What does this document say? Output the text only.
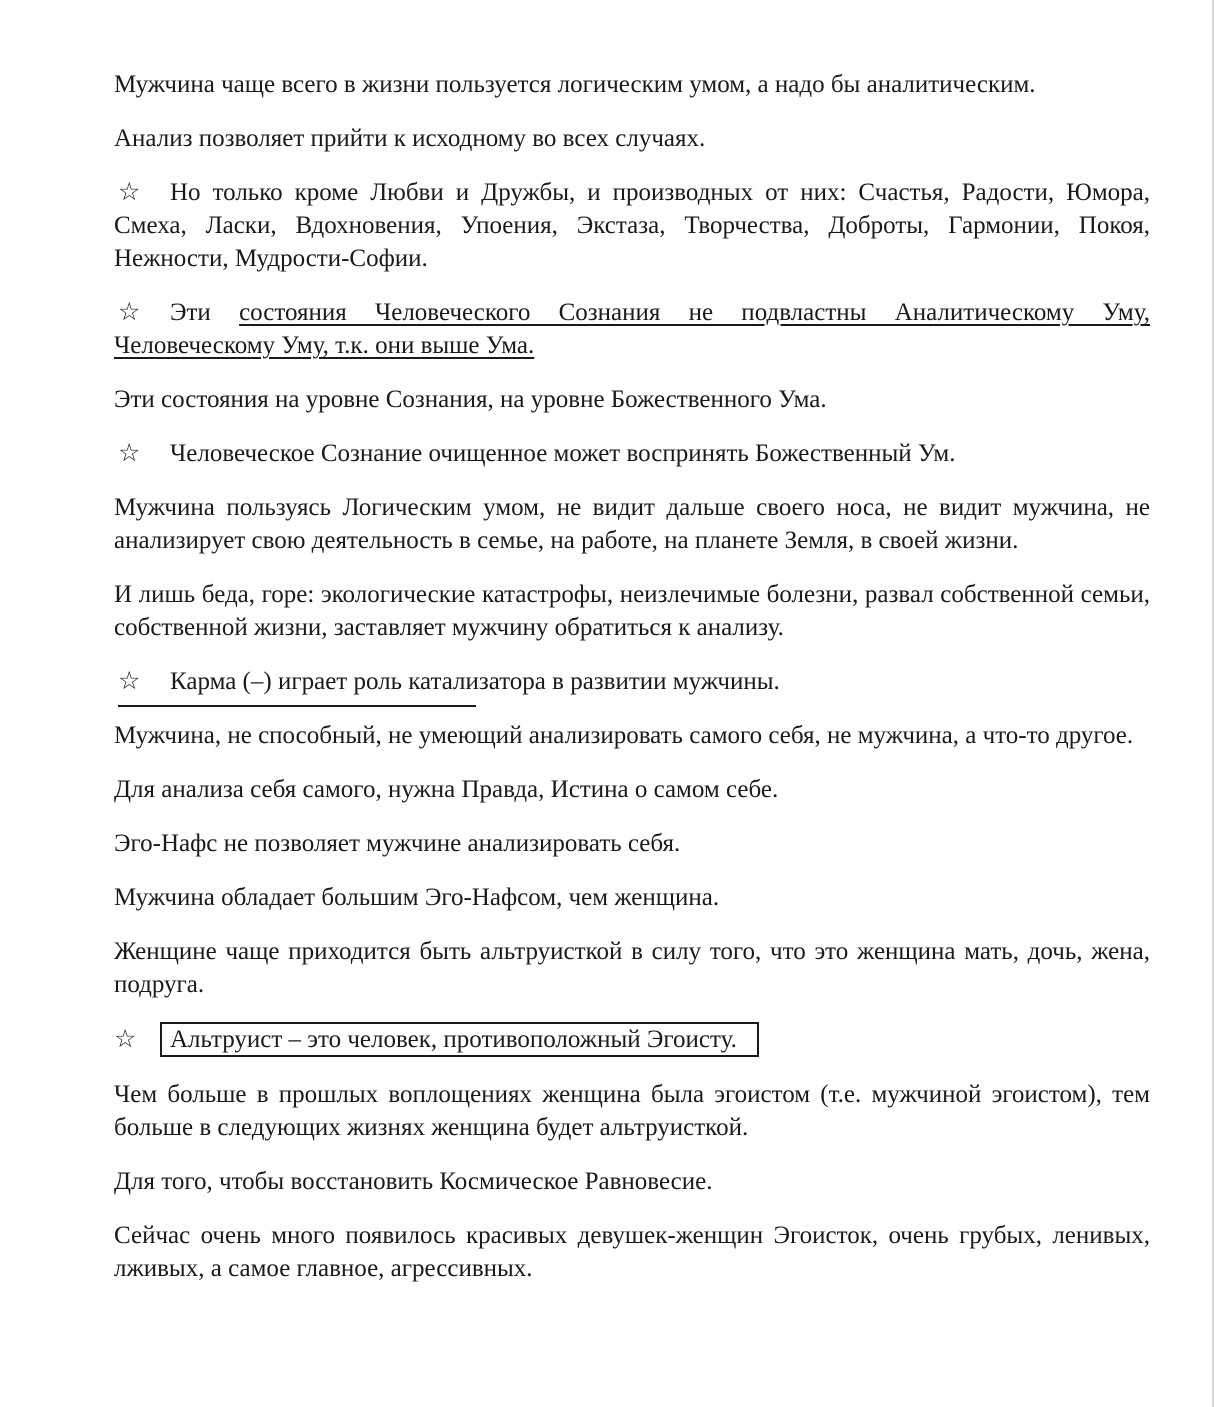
Мужчина чаще всего в жизни пользуется логическим умом, а надо бы аналитическим.

Анализ позволяет прийти к исходному во всех случаях.

☆ Но только кроме Любви и Дружбы, и производных от них: Счастья, Радости, Юмора, Смеха, Ласки, Вдохновения, Упоения, Экстаза, Творчества, Доброты, Гармонии, Покоя, Нежности, Мудрости-Софии.

☆ Эти состояния Человеческого Сознания не подвластны Аналитическому Уму, Человеческому Уму, т.к. они выше Ума.

Эти состояния на уровне Сознания, на уровне Божественного Ума.

☆ Человеческое Сознание очищенное может воспринять Божественный Ум.

Мужчина пользуясь Логическим умом, не видит дальше своего носа, не видит мужчина, не анализирует свою деятельность в семье, на работе, на планете Земля, в своей жизни.

И лишь беда, горе: экологические катастрофы, неизлечимые болезни, развал собственной семьи, собственной жизни, заставляет мужчину обратиться к анализу.

☆ Карма (–) играет роль катализатора в развитии мужчины.

Мужчина, не способный, не умеющий анализировать самого себя, не мужчина, а что-то другое.

Для анализа себя самого, нужна Правда, Истина о самом себе.

Эго-Нафс не позволяет мужчине анализировать себя.

Мужчина обладает большим Эго-Нафсом, чем женщина.

Женщине чаще приходится быть альтруисткой в силу того, что это женщина мать, дочь, жена, подруга.

☆ Альтруист – это человек, противоположный Эгоисту.

Чем больше в прошлых воплощениях женщина была эгоистом (т.е. мужчиной эгоистом), тем больше в следующих жизнях женщина будет альтруисткой.

Для того, чтобы восстановить Космическое Равновесие.

Сейчас очень много появилось красивых девушек-женщин Эгоисток, очень грубых, ленивых, лживых, а самое главное, агрессивных.
